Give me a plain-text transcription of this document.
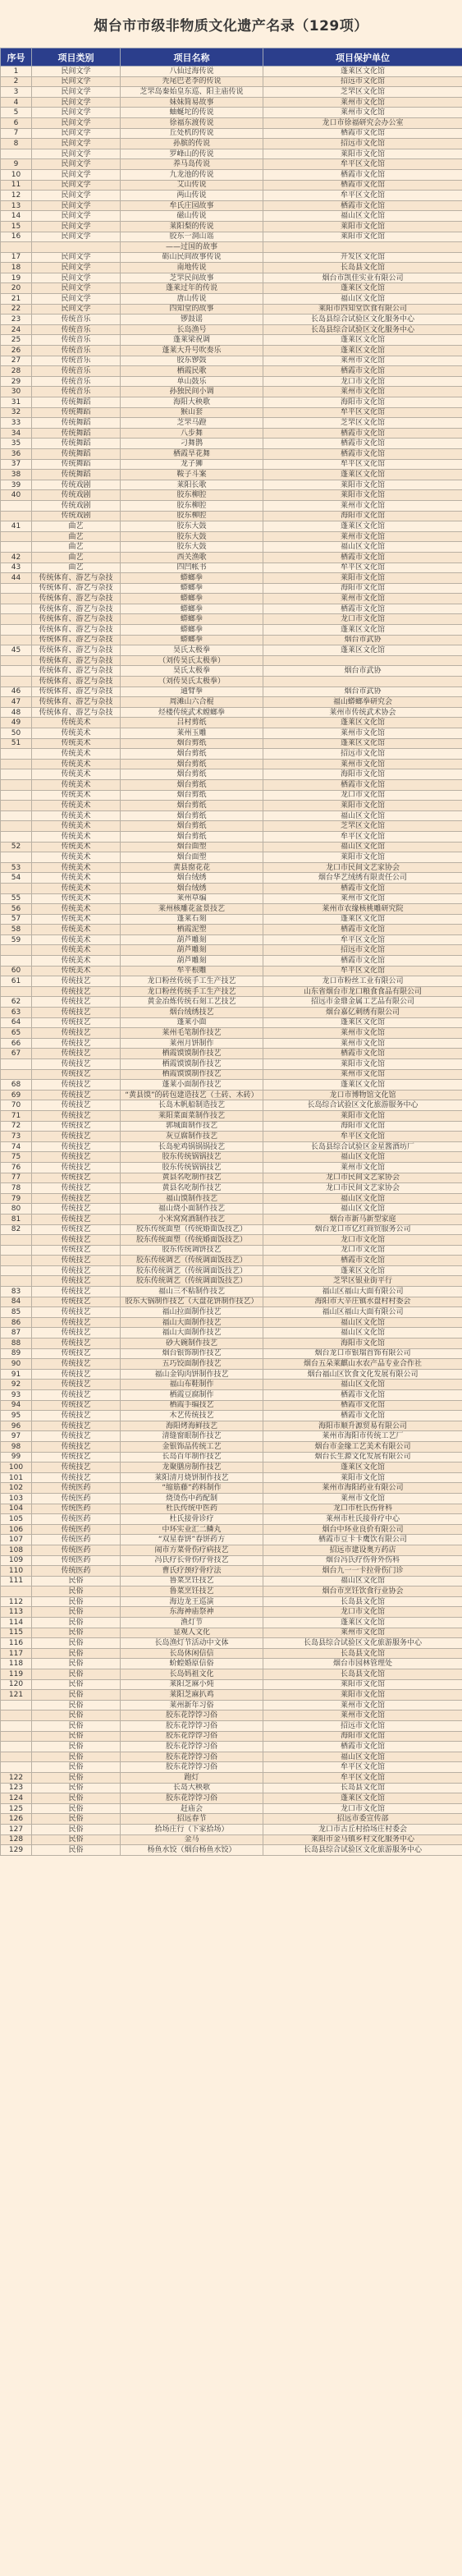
烟台市市级非物质文化遗产名录（129项）
序号	项目类别	项目名称	项目保护单位
1	民间文学	八仙过海传说	蓬莱区文化馆
2	民间文学	秃尾巴老李的传说	招远市文化馆
3	民间文学	芝罘岛秦始皇东巡、阳主庙传说	芝罘区文化馆
4	民间文学	妹妹简易故事	莱州市文化馆
5	民间文学	蚰蜒坨的传说	莱州市文化馆
6	民间文学	徐福东渡传说	龙口市徐福研究会办公室
7	民间文学	丘处机的传说	栖霞市文化馆
8	民间文学	孙膑的传说	招远市文化馆
	民间文学	罗峰山的传说	莱阳市文化馆
9	民间文学	养马岛传说	牟平区文化馆
10	民间文学	九龙池的传说	栖霞市文化馆
11	民间文学	艾山传说	栖霞市文化馆
12	民间文学	两山传说	牟平区文化馆
13	民间文学	牟氏庄园故事	栖霞市文化馆
14	民间文学	磁山传说	福山区文化馆
15	民间文学	莱阳梨的传说	莱阳市文化馆
16	民间文学	胶东一洞山谣	莱阳市文化馆
		——过国的故事	
17	民间文学	砺山民间故事传说	开发区文化馆
18	民间文学	南地传说	长岛县文化馆
19	民间文学	芝罘民间故事	烟台市凯佳实业有限公司
20	民间文学	蓬莱过年的传说	蓬莱区文化馆
21	民间文学	唐山传说	福山区文化馆
22	民间文学	四知堂的故事	莱阳市四知堂饮食有限公司
23	传统音乐	锣鼓谣	长岛县综合试验区文化服务中心
24	传统音乐	长岛渔号	长岛县综合试验区文化服务中心
25	传统音乐	蓬莱梁祝调	蓬莱区文化馆
26	传统音乐	蓬莱大升号吹奏乐	蓬莱区文化馆
27	传统音乐	胶东锣鼓	莱州市文化馆
28	传统音乐	栖霞民歌	栖霞市文化馆
29	传统音乐	单山鼓乐	龙口市文化馆
30	传统音乐	孙独民间小调	莱州市文化馆
31	传统舞蹈	海阳大秧歌	海阳市文化馆
32	传统舞蹈	猴山套	牟平区文化馆
33	传统舞蹈	芝罘马蹬	芝罘区文化馆
34	传统舞蹈	八步舞	栖霞市文化馆
35	传统舞蹈	刁舞鹊	栖霞市文化馆
36	传统舞蹈	栖霞旱花舞	栖霞市文化馆
37	传统舞蹈	龙子狮	牟平区文化馆
38	传统舞蹈	鞍子斗案	蓬莱区文化馆
39	传统戏剧	莱阳长歌	莱阳市文化馆
40	传统戏剧	胶东柳腔	莱阳市文化馆
	传统戏剧	胶东柳腔	莱州市文化馆
	传统戏剧	胶东柳腔	海阳市文化馆
41	曲艺	胶东大鼓	蓬莱区文化馆
	曲艺	胶东大鼓	莱州市文化馆
	曲艺	胶东大鼓	福山区文化馆
42	曲艺	西关渔歌	栖霞市文化馆
43	曲艺	四凹帐书	牟平区文化馆
44	传统体育、游艺与杂技	蟒螂拳	莱阳市文化馆
	传统体育、游艺与杂技	蟒螂拳	海阳市文化馆
	传统体育、游艺与杂技	蟒螂拳	莱州市文化馆
	传统体育、游艺与杂技	蟒螂拳	栖霞市文化馆
	传统体育、游艺与杂技	蟒螂拳	龙口市文化馆
	传统体育、游艺与杂技	蟒螂拳	蓬莱区文化馆
	传统体育、游艺与杂技	蟒螂拳	烟台市武协
45	传统体育、游艺与杂技	昊氏太极拳	蓬莱区文化馆
	传统体育、游艺与杂技	（刘传昊氏太极拳）	
	传统体育、游艺与杂技	昊氏太极拳	烟台市武协
	传统体育、游艺与杂技	（刘传昊氏太极拳）	
46	传统体育、游艺与杂技	通臂拳	烟台市武协
47	传统体育、游艺与杂技	周滩山六合棍	福山蟒螂拳研究会
48	传统体育、游艺与杂技	烃楼传统武术螳螂拳	莱州市传统武术协会
49	传统美术	吕村剪纸	蓬莱区文化馆
50	传统美术	莱州玉雕	莱州市文化馆
51	传统美术	烟台剪纸	蓬莱区文化馆
	传统美术	烟台剪纸	招远市文化馆
	传统美术	烟台剪纸	莱州市文化馆
	传统美术	烟台剪纸	海阳市文化馆
	传统美术	烟台剪纸	栖霞市文化馆
	传统美术	烟台剪纸	龙口市文化馆
	传统美术	烟台剪纸	莱阳市文化馆
	传统美术	烟台剪纸	福山区文化馆
	传统美术	烟台剪纸	芝罘区文化馆
	传统美术	烟台剪纸	牟平区文化馆
52	传统美术	烟台面塑	福山区文化馆
	传统美术	烟台面塑	莱阳市文化馆
53	传统美术	黄县窗花花	龙口市民间文艺家协会
54	传统美术	烟台绒绣	烟台华艺绒绣有限责任公司
	传统美术	烟台绒绣	栖霞市文化馆
55	传统美术	莱州草编	莱州市文化馆
56	传统美术	莱州核雕花盆景技艺	莱州市农缘核桃雕研究院
57	传统美术	蓬莱石刻	蓬莱区文化馆
58	传统美术	栖霞泥塑	栖霞市文化馆
59	传统美术	葫芦雕刻	牟平区文化馆
	传统美术	葫芦雕刻	招远市文化馆
	传统美术	葫芦雕刻	栖霞市文化馆
60	传统美术	牟平根雕	牟平区文化馆
61	传统技艺	龙口粉丝传统手工生产技艺	龙口市粉丝工业有限公司
	传统技艺	龙口粉丝传统手工生产技艺	山东省烟台市龙口粮食食品有限公司
62	传统技艺	黄金冶炼传统石刻工艺技艺	招远市金鼎金属工艺品有限公司
63	传统技艺	烟台绒绣技艺	烟台嘉亿刺绣有限公司
64	传统技艺	蓬莱小面	蓬莱区文化馆
65	传统技艺	莱州毛笔制作技艺	莱州市文化馆
66	传统技艺	莱州月饼制作	莱州市文化馆
67	传统技艺	栖霞馍馍制作技艺	栖霞市文化馆
	传统技艺	栖霞馍馍制作技艺	莱阳市文化馆
	传统技艺	栖霞馍馍制作技艺	莱州市文化馆
68	传统技艺	蓬莱小面制作技艺	蓬莱区文化馆
69	传统技艺	“黄县馍”的砖包建造技艺（土砖、木砖）	龙口市博物馆文化馆
70	传统技艺	长岛木帆船制造技艺	长岛综合试验区文化旅游服务中心
71	传统技艺	莱阳菜面菜制作技艺	莱阳市文化馆
72	传统技艺	郭城面制作技艺	海阳市文化馆
73	传统技艺	灰豆腐制作技艺	牟平区文化馆
74	传统技艺	长岛驼鸡锅锅锅技艺	长岛县综合试验区金星酱酒坊厂
75	传统技艺	胶东传统锅锅技艺	福山区文化馆
76	传统技艺	胶东传统锅锅技艺	莱州市文化馆
77	传统技艺	黄县名吃制作技艺	龙口市民间文艺家协会
78	传统技艺	黄县名吃制作技艺	龙口市民间文艺家协会
79	传统技艺	福山馍制作技艺	福山区文化馆
80	传统技艺	福山烧小面制作技艺	福山区文化馆
81	传统技艺	小米窝窝酒制作技艺	烟台市新马新型家庭
82	传统技艺	胶东传统面塑（传统婚面饭技艺）	烟台龙口市亿红商贸服务公司
	传统技艺	胶东传统面塑（传统婚面饭技艺）	龙口市文化馆
	传统技艺	胶东传统调饼技艺	龙口市文化馆
	传统技艺	胶东传统调艺（传统调面饭技艺）	栖霞市文化馆
	传统技艺	胶东传统调艺（传统调面饭技艺）	蓬莱区文化馆
	传统技艺	胶东传统调艺（传统调面饭技艺）	芝罘区银业街平行
83	传统技艺	福山三不粘制作技艺	福山区福山大面有限公司
84	传统技艺	胶东大锅制作技艺（大盘花饼制作技艺）	海阳市大辛庄镇水盘村村委会
85	传统技艺	福山拉面制作技艺	福山区福山大面有限公司
86	传统技艺	福山大面制作技艺	福山区文化馆
87	传统技艺	福山大面制作技艺	福山区文化馆
88	传统技艺	砂大碗制作技艺	海阳市文化馆
89	传统技艺	烟台银饰制作技艺	烟台龙口市银瑞首饰有限公司
90	传统技艺	五巧饺面制作技艺	烟台五朵莱麒山水农产品专业合作社
91	传统技艺	福山金钩肉饼制作技艺	烟台福山区饮食文化发展有限公司
92	传统技艺	福山布鞋制作	福山区文化馆
93	传统技艺	栖霞豆腐制作	栖霞市文化馆
94	传统技艺	栖霞手编技艺	栖霞市文化馆
95	传统技艺	木艺传统技艺	栖霞市文化馆
96	传统技艺	海阳烤海鲜技艺	海阳市顺升源贸易有限公司
97	传统技艺	清缝窗眼制作技艺	莱州市海阳市传统工艺厂
98	传统技艺	金银饰品传统工艺	烟台市金缘工艺美术有限公司
99	传统技艺	长岛百年制作技艺	烟台长生源文化发展有限公司
100	传统技艺	龙聚膳房制作技艺	蓬莱区文化馆
101	传统技艺	莱阳清月烧饼制作技艺	莱阳市文化馆
102	传统医药	“缩筋藤”药料制作	莱州市海阳药业有限公司
103	传统医药	烧烫伤中药配制	莱州市文化馆
104	传统医药	杜氏传统中医药	龙口市杜氏伤骨科
105	传统医药	杜氏接骨诊疗	莱州市杜氏接骨疗中心
106	传统医药	中环实业汇二鳞丸	烟台中环业良价有限公司
107	传统医药	“双星春饼”春饼药方	栖霞市豆卡卡鹰饮有限公司
108	传统医药	闹市方菜骨伤疗病技艺	招远市建设奥方药店
109	传统医药	冯氏疗长骨伤疗骨技艺	烟台冯氏疗伤骨外伤科
110	传统医药	曹氏疗颈疗骨疗法	烟台九一一卡拉骨伤门诊
111	民俗	鲁菜烹饪技艺	福山区文化馆
	民俗	鲁菜烹饪技艺	烟台市烹饪饮食行业协会
112	民俗	海边龙王巡演	长岛县文化馆
113	民俗	东海神庙祭神	龙口市文化馆
114	民俗	渔灯节	蓬莱区文化馆
115	民俗	显观人文化	莱州市文化馆
116	民俗	长岛渔灯节活动中文体	长岛县综合试验区文化旅游服务中心
117	民俗	长岛休闲信信	长岛县文化馆
118	民俗	蚧蝗婚原信俗	烟台市园林管理处
119	民俗	长岛妈祖文化	长岛县文化馆
120	民俗	莱阳芝麻小炖	莱阳市文化馆
121	民俗	莱阳芝麻扒鸡	莱阳市文化馆
	民俗	莱州新年习俗	莱州市文化馆
	民俗	胶东花饽饽习俗	莱州市文化馆
	民俗	胶东花饽饽习俗	招远市文化馆
	民俗	胶东花饽饽习俗	海阳市文化馆
	民俗	胶东花饽饽习俗	栖霞市文化馆
	民俗	胶东花饽饽习俗	福山区文化馆
	民俗	胶东花饽饽习俗	牟平区文化馆
122	民俗	跑灯	牟平区文化馆
123	民俗	长岛大秧歌	长岛县文化馆
124	民俗	胶东花饽饽习俗	蓬莱区文化馆
125	民俗	赶庙会	龙口市文化馆
126	民俗	招远春节	招远市委宣传部
127	民俗	拾场庄行（下家拾场）	龙口市古丘村拾场庄村委会
128	民俗	金马	莱阳市金马镇乡村文化服务中心
129	民俗	杨鱼水饺（烟台杨鱼水饺）	长岛县综合试验区文化旅游服务中心
